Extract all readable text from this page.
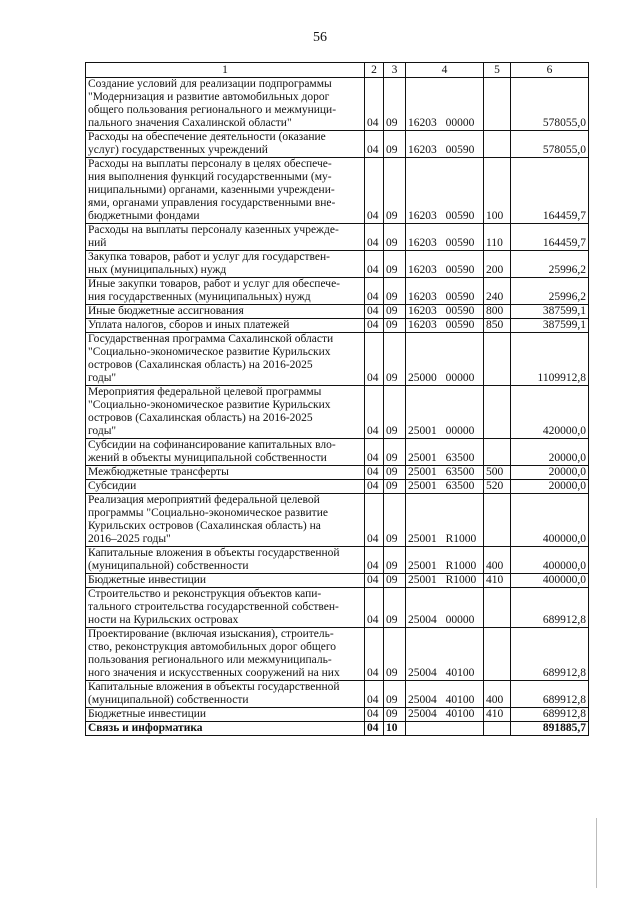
56
1	2	3	4	5	6
Создание условий для реализации подпрограммы
"Модернизация и развитие автомобильных дорог
общего пользования регионального и межмуници-
пального значения Сахалинской области"	04	09	16203 00000		578055,0
Расходы на обеспечение деятельности (оказание
услуг) государственных учреждений	04	09	16203 00590		578055,0
Расходы на выплаты персоналу в целях обеспече-
ния выполнения функций государственными (му-
ниципальными) органами, казенными учреждени-
ями, органами управления государственными вне-
бюджетными фондами	04	09	16203 00590	100	164459,7
Расходы на выплаты персоналу казенных учрежде-
ний	04	09	16203 00590	110	164459,7
Закупка товаров, работ и услуг для государствен-
ных (муниципальных) нужд	04	09	16203 00590	200	25996,2
Иные закупки товаров, работ и услуг для обеспече-
ния государственных (муниципальных) нужд	04	09	16203 00590	240	25996,2
Иные бюджетные ассигнования	04	09	16203 00590	800	387599,1
Уплата налогов, сборов и иных платежей	04	09	16203 00590	850	387599,1
Государственная программа Сахалинской области
"Социально-экономическое развитие Курильских
островов (Сахалинская область) на 2016-2025
годы"	04	09	25000 00000		1109912,8
Мероприятия федеральной целевой программы
"Социально-экономическое развитие Курильских
островов (Сахалинская область) на 2016-2025
годы"	04	09	25001 00000		420000,0
Субсидии на софинансирование капитальных вло-
жений в объекты муниципальной собственности	04	09	25001 63500		20000,0
Межбюджетные трансферты	04	09	25001 63500	500	20000,0
Субсидии	04	09	25001 63500	520	20000,0
Реализация мероприятий федеральной целевой
программы "Социально-экономическое развитие
Курильских островов (Сахалинская область) на
2016–2025 годы"	04	09	25001 R1000		400000,0
Капитальные вложения в объекты государственной
(муниципальной) собственности	04	09	25001 R1000	400	400000,0
Бюджетные инвестиции	04	09	25001 R1000	410	400000,0
Строительство и реконструкция объектов капи-
тального строительства государственной собствен-
ности на Курильских островах	04	09	25004 00000		689912,8
Проектирование (включая изыскания), строитель-
ство, реконструкция автомобильных дорог общего
пользования регионального или межмуниципаль-
ного значения и искусственных сооружений на них	04	09	25004 40100		689912,8
Капитальные вложения в объекты государственной
(муниципальной) собственности	04	09	25004 40100	400	689912,8
Бюджетные инвестиции	04	09	25004 40100	410	689912,8
Связь и информатика	04	10			891885,7
